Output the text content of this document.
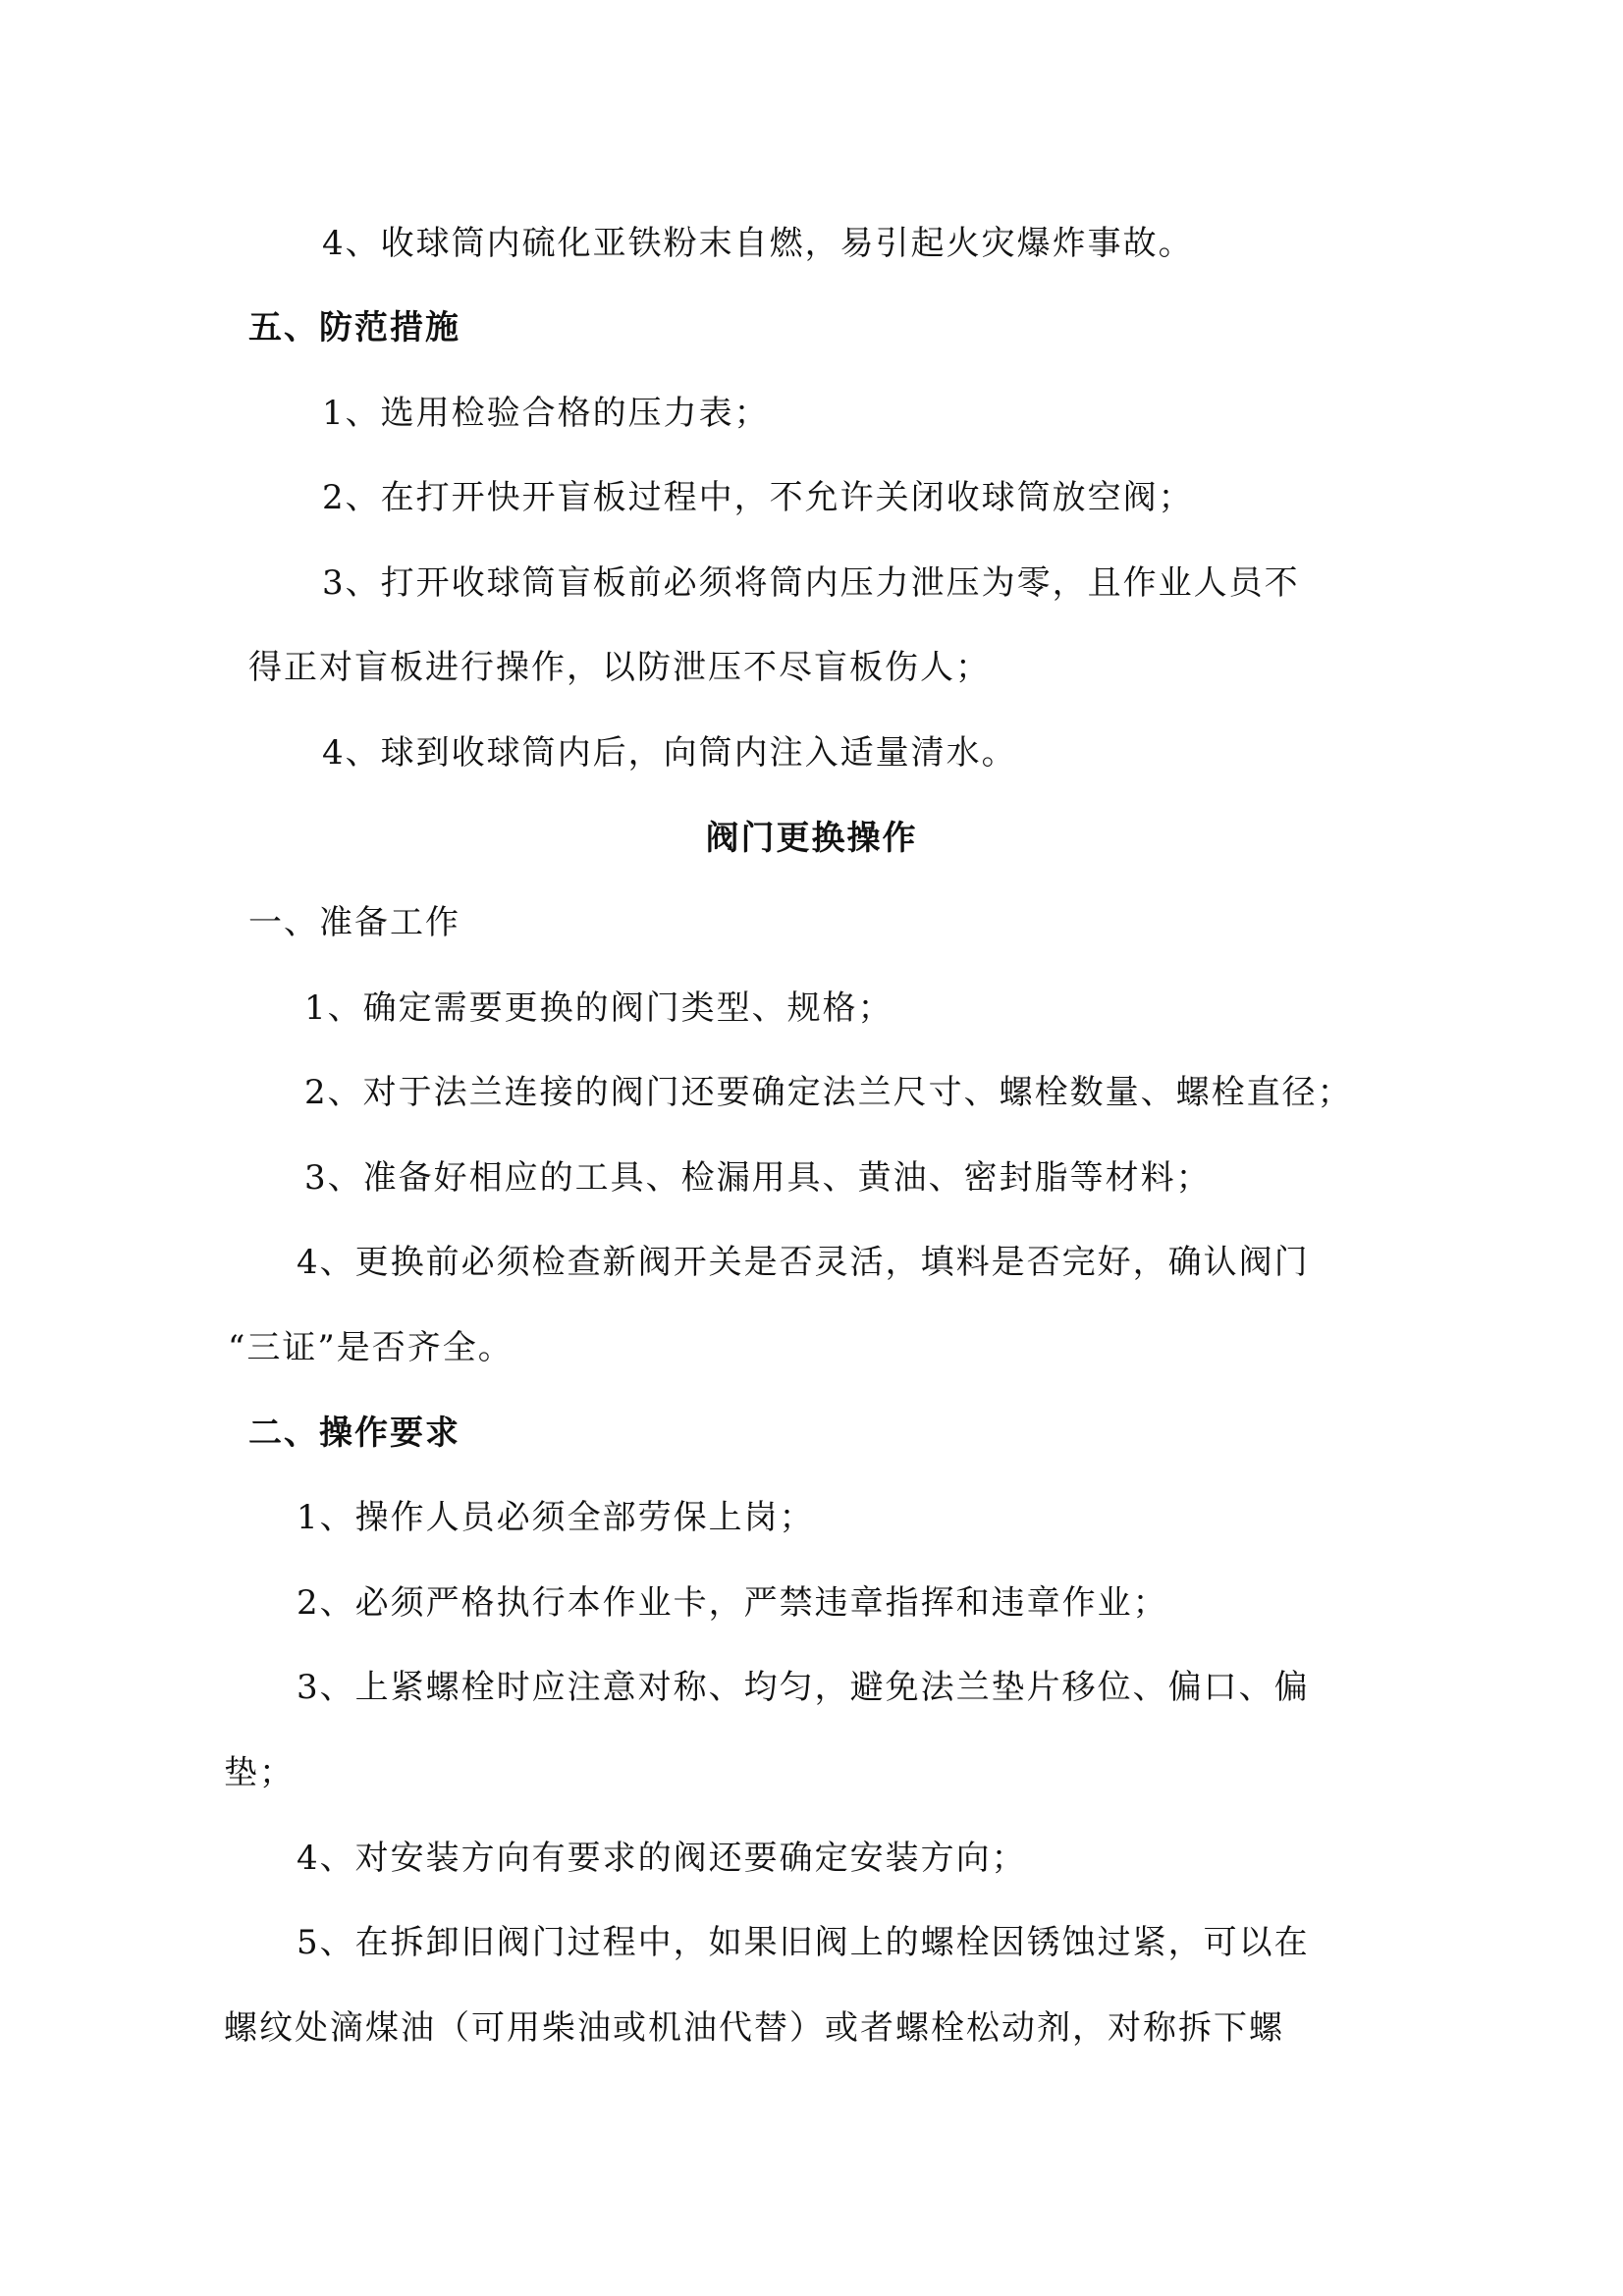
4、收球筒内硫化亚铁粉末自燃，易引起火灾爆炸事故。
五、防范措施
1、选用检验合格的压力表；
2、在打开快开盲板过程中，不允许关闭收球筒放空阀；
3、打开收球筒盲板前必须将筒内压力泄压为零，且作业人员不
得正对盲板进行操作，以防泄压不尽盲板伤人；
4、球到收球筒内后，向筒内注入适量清水。
阀门更换操作
一、准备工作
1、确定需要更换的阀门类型、规格；
2、对于法兰连接的阀门还要确定法兰尺寸、螺栓数量、螺栓直径；
3、准备好相应的工具、检漏用具、黄油、密封脂等材料；
4、更换前必须检查新阀开关是否灵活，填料是否完好，确认阀门
“三证”是否齐全。
二、操作要求
1、操作人员必须全部劳保上岗；
2、必须严格执行本作业卡，严禁违章指挥和违章作业；
3、上紧螺栓时应注意对称、均匀，避免法兰垫片移位、偏口、偏
垫；
4、对安装方向有要求的阀还要确定安装方向；
5、在拆卸旧阀门过程中，如果旧阀上的螺栓因锈蚀过紧，可以在
螺纹处滴煤油（可用柴油或机油代替）或者螺栓松动剂，对称拆下螺
